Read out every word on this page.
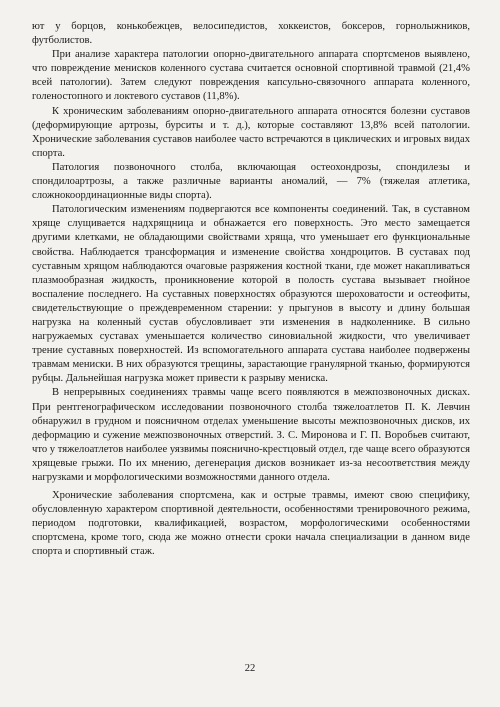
ют у борцов, конькобежцев, велосипедистов, хоккеистов, боксеров, горнолыжников, футболистов.

При анализе характера патологии опорно-двигательного аппарата спортсменов выявлено, что повреждение менисков коленного сустава считается основной спортивной травмой (21,4% всей патологии). Затем следуют повреждения капсульно-связочного аппарата коленного, голеностопного и локтевого суставов (11,8%).

К хроническим заболеваниям опорно-двигательного аппарата относятся болезни суставов (деформирующие артрозы, бурситы и т. д.), которые составляют 13,8% всей патологии. Хронические заболевания суставов наиболее часто встречаются в циклических и игровых видах спорта.

Патология позвоночного столба, включающая остеохондрозы, спондилезы и спондилоартрозы, а также различные варианты аномалий, — 7% (тяжелая атлетика, сложнокоординационные виды спорта).

Патологическим изменениям подвергаются все компоненты соединений. Так, в суставном хряще слущивается надхрящница и обнажается его поверхность. Это место замещается другими клетками, не обладающими свойствами хряща, что уменьшает его функциональные свойства. Наблюдается трансформация и изменение свойства хондроцитов. В суставах под суставным хрящом наблюдаются очаговые разряжения костной ткани, где может накапливаться плазмообразная жидкость, проникновение которой в полость сустава вызывает гнойное воспаление последнего. На суставных поверхностях образуются шероховатости и остеофиты, свидетельствующие о преждевременном старении: у прыгунов в высоту и длину большая нагрузка на коленный сустав обусловливает эти изменения в надколеннике. В сильно нагружаемых суставах уменьшается количество синовиальной жидкости, что увеличивает трение суставных поверхностей. Из вспомогательного аппарата сустава наиболее подвержены травмам мениски. В них образуются трещины, зарастающие гранулярной тканью, формируются рубцы. Дальнейшая нагрузка может привести к разрыву мениска.

В непрерывных соединениях травмы чаще всего появляются в межпозвоночных дисках. При рентгенографическом исследовании позвоночного столба тяжелоатлетов П. К. Левчин обнаружил в грудном и поясничном отделах уменьшение высоты межпозвоночных дисков, их деформацию и сужение межпозвоночных отверстий. З. С. Миронова и Г. П. Воробьев считают, что у тяжелоатлетов наиболее уязвимы пояснично-крестцовый отдел, где чаще всего образуются хрящевые грыжи. По их мнению, дегенерация дисков возникает из-за несоответствия между нагрузками и морфологическими возможностями данного отдела.

Хронические заболевания спортсмена, как и острые травмы, имеют свою специфику, обусловленную характером спортивной деятельности, особенностями тренировочного режима, периодом подготовки, квалификацией, возрастом, морфологическими особенностями спортсмена, кроме того, сюда же можно отнести сроки начала специализации в данном виде спорта и спортивный стаж.

22
